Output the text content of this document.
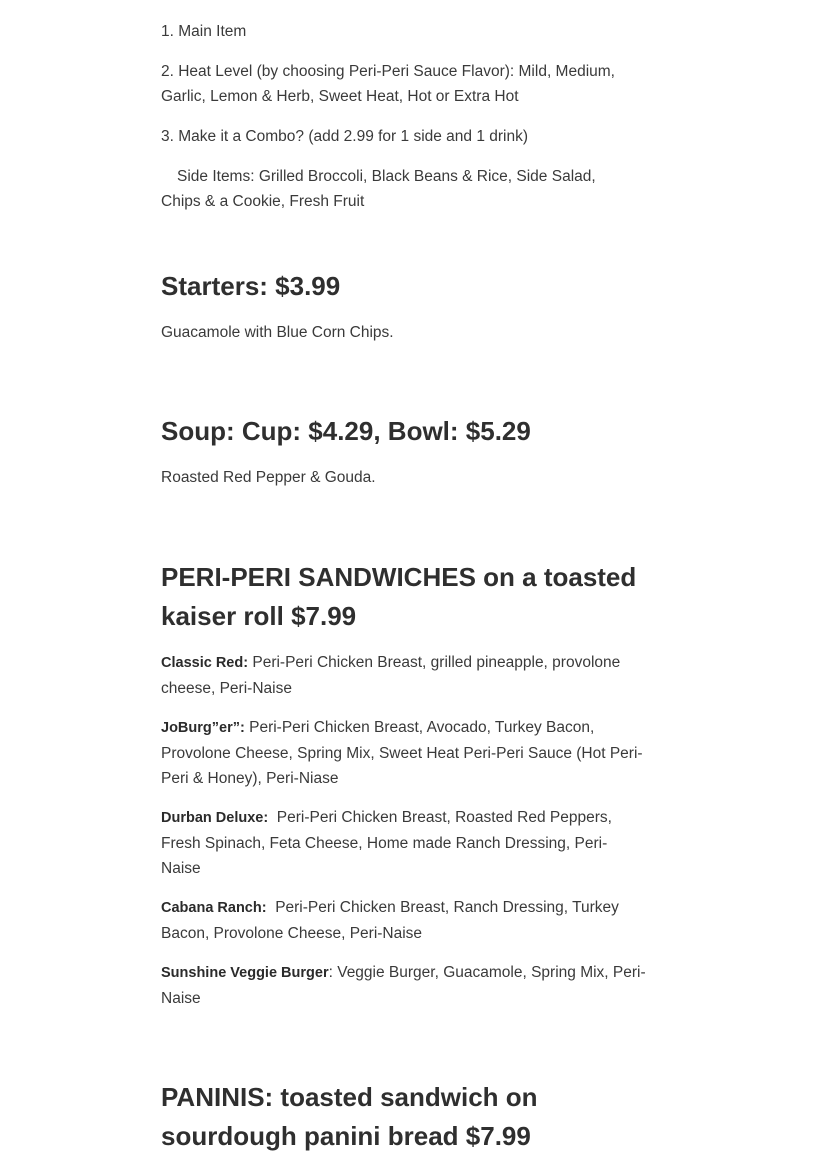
1. Main Item

2. Heat Level (by choosing Peri-Peri Sauce Flavor): Mild, Medium, Garlic, Lemon & Herb, Sweet Heat, Hot or Extra Hot

3. Make it a Combo? (add 2.99 for 1 side and 1 drink)

Side Items: Grilled Broccoli, Black Beans & Rice, Side Salad, Chips & a Cookie, Fresh Fruit

Starters: $3.99

Guacamole with Blue Corn Chips.

Soup: Cup: $4.29, Bowl: $5.29

Roasted Red Pepper & Gouda.

PERI-PERI SANDWICHES on a toasted kaiser roll $7.99

Classic Red: Peri-Peri Chicken Breast, grilled pineapple, provolone cheese, Peri-Naise

JoBurg”er”: Peri-Peri Chicken Breast, Avocado, Turkey Bacon, Provolone Cheese, Spring Mix, Sweet Heat Peri-Peri Sauce (Hot Peri-Peri & Honey), Peri-Niase

Durban Deluxe: Peri-Peri Chicken Breast, Roasted Red Peppers, Fresh Spinach, Feta Cheese, Home made Ranch Dressing, Peri-Naise

Cabana Ranch: Peri-Peri Chicken Breast, Ranch Dressing, Turkey Bacon, Provolone Cheese, Peri-Naise

Sunshine Veggie Burger: Veggie Burger, Guacamole, Spring Mix, Peri-Naise

PANINIS: toasted sandwich on sourdough panini bread $7.99
